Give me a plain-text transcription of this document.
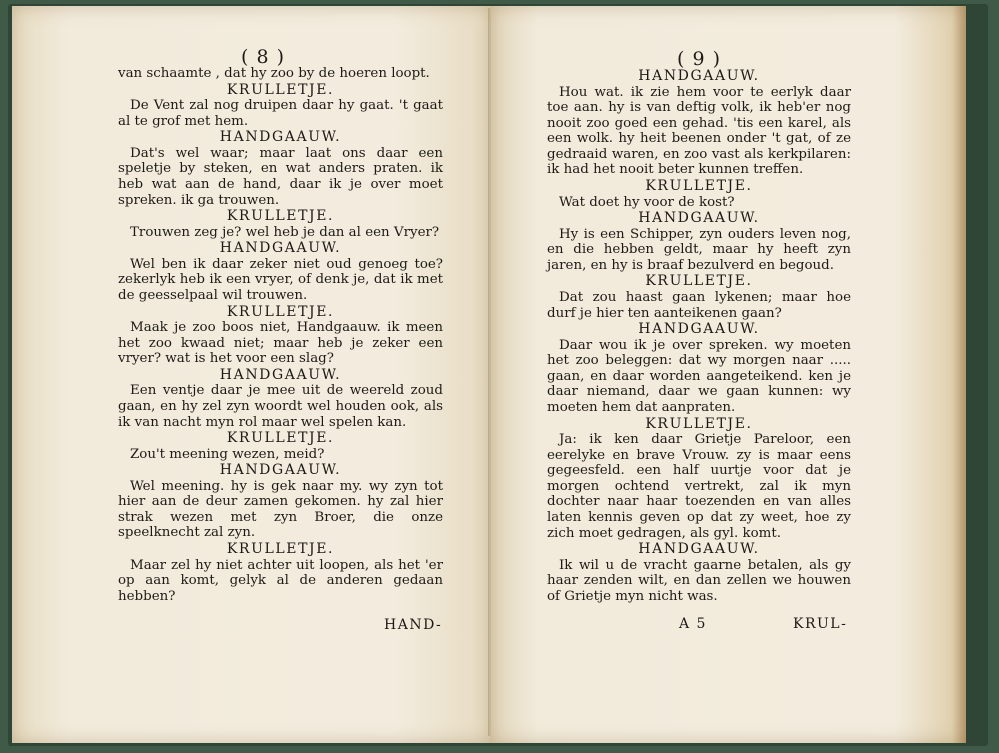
( 8 )

van schaamte , dat hy zoo by de hoeren loopt.

KRULLETJE.

De Vent zal nog druipen daar hy gaat. 't gaat al te grof met hem.

HANDGAAUW.

Dat's wel waar; maar laat ons daar een speletje by steken, en wat anders praten. ik heb wat aan de hand, daar ik je over moet spreken. ik ga trouwen.

KRULLETJE.

Trouwen zeg je? wel heb je dan al een Vryer?

HANDGAAUW.

Wel ben ik daar zeker niet oud genoeg toe? zekerlyk heb ik een vryer, of denk je, dat ik met de geesselpaal wil trouwen.

KRULLETJE.

Maak je zoo boos niet, Handgaauw. ik meen het zoo kwaad niet; maar heb je zeker een vryer? wat is het voor een slag?

HANDGAAUW.

Een ventje daar je mee uit de weereld zoud gaan, en hy zel zyn woordt wel houden ook, als ik van nacht myn rol maar wel spelen kan.

KRULLETJE.

Zou't meening wezen, meid?

HANDGAAUW.

Wel meening. hy is gek naar my. wy zyn tot hier aan de deur zamen gekomen. hy zal hier strak wezen met zyn Broer, die onze speelknecht zal zyn.

KRULLETJE.

Maar zel hy niet achter uit loopen, als het 'er op aan komt, gelyk al de anderen gedaan hebben?

HAND-
( 9 )
HANDGAAUW.

Hou wat. ik zie hem voor te eerlyk daar toe aan. hy is van deftig volk, ik heb'er nog nooit zoo goed een gehad. 'tis een karel, als een wolk. hy heit beenen onder 't gat, of ze gedraaid waren, en zoo vast als kerkpilaren: ik had het nooit beter kunnen treffen.

KRULLETJE.

Wat doet hy voor de kost?

HANDGAAUW.

Hy is een Schipper, zyn ouders leven nog, en die hebben geldt, maar hy heeft zyn jaren, en hy is braaf bezulverd en begoud.

KRULLETJE.

Dat zou haast gaan lykenen; maar hoe durf je hier ten aanteikenen gaan?

HANDGAAUW.

Daar wou ik je over spreken. wy moeten het zoo beleggen: dat wy morgen naar ..... gaan, en daar worden aangeteikend. ken je daar niemand, daar we gaan kunnen: wy moeten hem dat aanpraten.

KRULLETJE.

Ja: ik ken daar Grietje Pareloor, een eerelyke en brave Vrouw. zy is maar eens gegeesfeld. een half uurtje voor dat je morgen ochtend vertrekt, zal ik myn dochter naar haar toezenden en van alles laten kennis geven op dat zy weet, hoe zy zich moet gedragen, als gyl. komt.

HANDGAAUW.

Ik wil u de vracht gaarne betalen, als gy haar zenden wilt, en dan zellen we houwen of Grietje myn nicht was.

A 5	KRUL-
